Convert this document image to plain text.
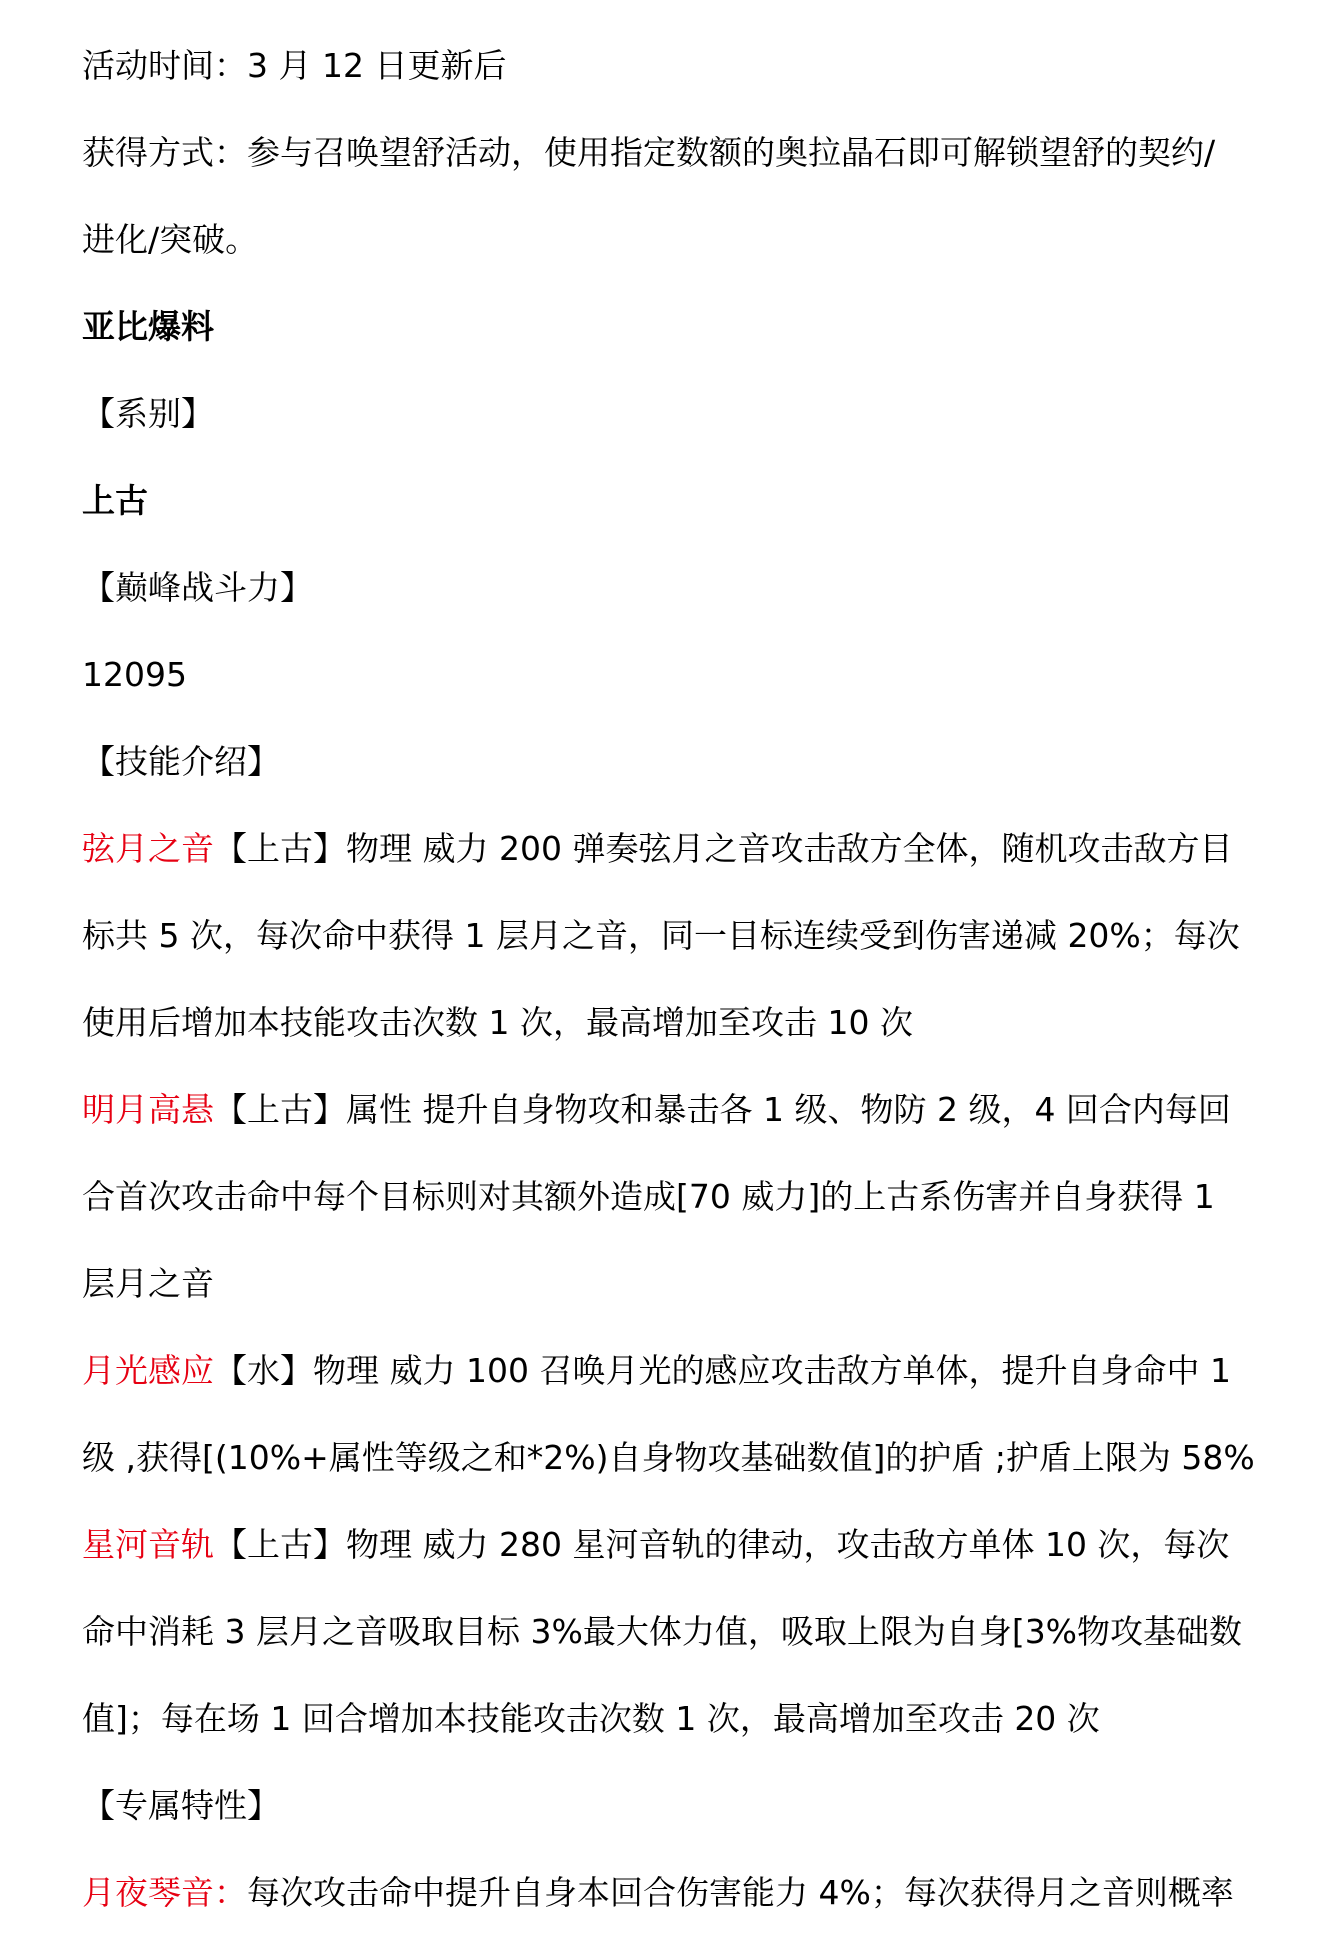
活动时间：3 月 12 日更新后
获得方式：参与召唤望舒活动，使用指定数额的奥拉晶石即可解锁望舒的契约/
进化/突破。
亚比爆料
【系别】
上古
【巅峰战斗力】
12095
【技能介绍】
弦月之音【上古】物理 威力 200 弹奏弦月之音攻击敌方全体，随机攻击敌方目
标共 5 次，每次命中获得 1 层月之音，同一目标连续受到伤害递减 20%；每次
使用后增加本技能攻击次数 1 次，最高增加至攻击 10 次
明月高悬【上古】属性 提升自身物攻和暴击各 1 级、物防 2 级，4 回合内每回
合首次攻击命中每个目标则对其额外造成[70 威力]的上古系伤害并自身获得 1
层月之音
月光感应【水】物理 威力 100 召唤月光的感应攻击敌方单体，提升自身命中 1
级 ,获得[(10%+属性等级之和*2%)自身物攻基础数值]的护盾 ;护盾上限为 58%
星河音轨【上古】物理 威力 280 星河音轨的律动，攻击敌方单体 10 次，每次
命中消耗 3 层月之音吸取目标 3%最大体力值，吸取上限为自身[3%物攻基础数
值]；每在场 1 回合增加本技能攻击次数 1 次，最高增加至攻击 20 次
【专属特性】
月夜琴音：每次攻击命中提升自身本回合伤害能力 4%；每次获得月之音则概率
